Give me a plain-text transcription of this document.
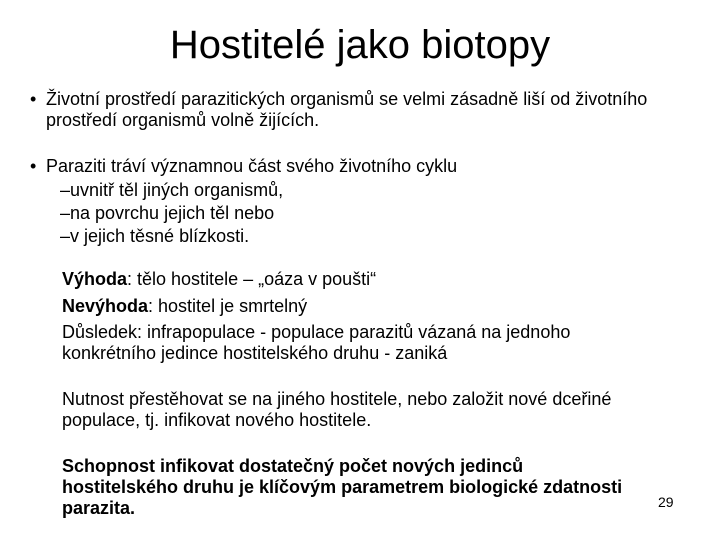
Hostitelé jako biotopy
• Životní prostředí parazitických organismů se velmi zásadně liší od životního prostředí organismů volně žijících.
• Paraziti tráví významnou část svého životního cyklu
–uvnitř těl jiných organismů,
–na povrchu jejich těl nebo
–v jejich těsné blízkosti.
Výhoda: tělo hostitele – „oáza v poušti“
Nevýhoda: hostitel je smrtelný
Důsledek: infrapopulace - populace parazitů vázaná na jednoho konkrétního jedince hostitelského druhu - zaniká
Nutnost přestěhovat se na jiného hostitele, nebo založit nové dceřiné populace, tj. infikovat nového hostitele.
Schopnost infikovat dostatečný počet nových jedinců hostitelského druhu je klíčovým parametrem biologické zdatnosti parazita.	29
